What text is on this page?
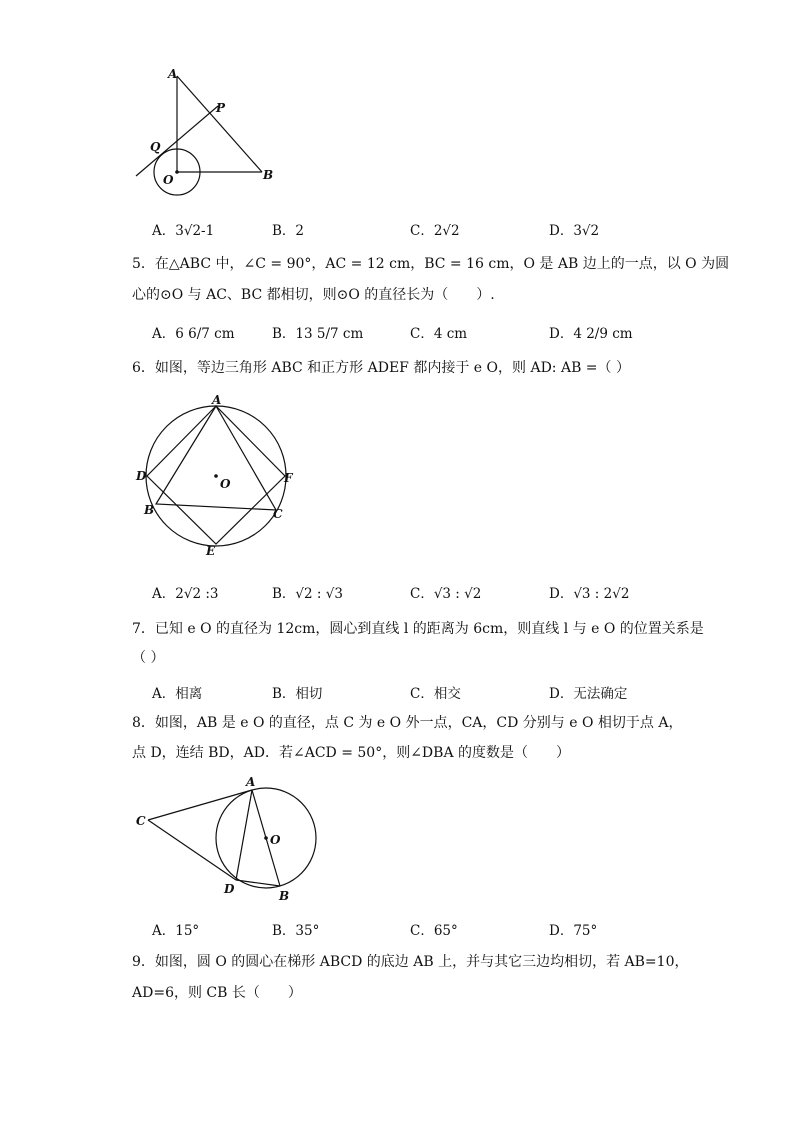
A
P
Q
O	B
A．3√2-1	B．2	C．2√2	D．3√2
5．在△ABC 中，∠C = 90°，AC = 12 cm，BC = 16 cm，O 是 AB 边上的一点，以 O 为圆
心的⊙O 与 AC、BC 都相切，则⊙O 的直径长为（　　）.
A．6 6/7 cm	B．13 5/7 cm	C．4 cm	D．4 2/9 cm
6．如图，等边三角形 ABC 和正方形 ADEF 都内接于 e O，则 AD: AB =（ ）
A
D	F
O
B	C
E
A．2√2 :3	B．√2 : √3	C．√3 : √2	D．√3 : 2√2
7．已知 e O 的直径为 12cm，圆心到直线 l 的距离为 6cm，则直线 l 与 e O 的位置关系是
（ ）
A．相离	B．相切	C．相交	D．无法确定
8．如图，AB 是 e O 的直径，点 C 为 e O 外一点，CA，CD 分别与 e O 相切于点 A，
点 D，连结 BD，AD．若∠ACD = 50°，则∠DBA 的度数是（　　）
A
C
O
D	B
A．15°	B．35°	C．65°	D．75°
9．如图，圆 O 的圆心在梯形 ABCD 的底边 AB 上，并与其它三边均相切，若 AB=10，
AD=6，则 CB 长（　　）
